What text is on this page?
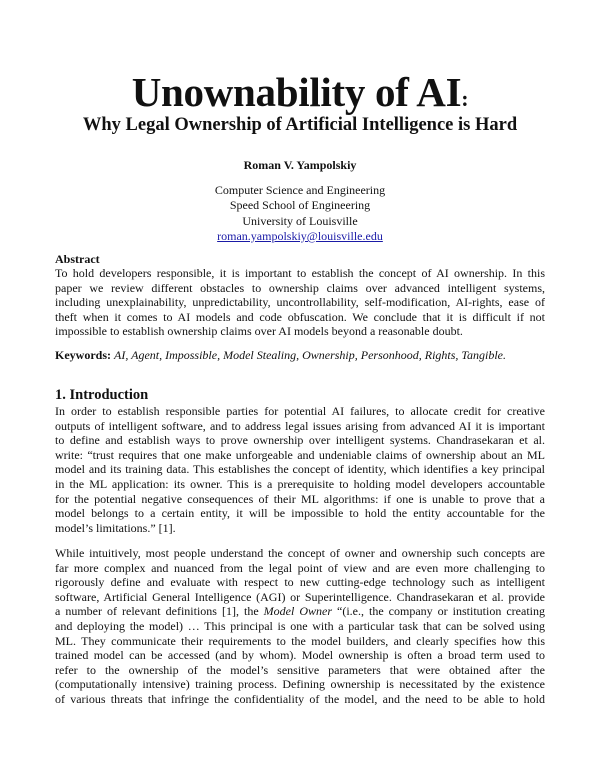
Unownability of AI:
Why Legal Ownership of Artificial Intelligence is Hard
Roman V. Yampolskiy
Computer Science and Engineering
Speed School of Engineering
University of Louisville
roman.yampolskiy@louisville.edu
Abstract
To hold developers responsible, it is important to establish the concept of AI ownership. In this
paper we review different obstacles to ownership claims over advanced intelligent systems,
including unexplainability, unpredictability, uncontrollability, self-modification, AI-rights, ease of
theft when it comes to AI models and code obfuscation. We conclude that it is difficult if not
impossible to establish ownership claims over AI models beyond a reasonable doubt.
Keywords: AI, Agent, Impossible, Model Stealing, Ownership, Personhood, Rights, Tangible.
1. Introduction
In order to establish responsible parties for potential AI failures, to allocate credit for creative
outputs of intelligent software, and to address legal issues arising from advanced AI it is important
to define and establish ways to prove ownership over intelligent systems. Chandrasekaran et al.
write: “trust requires that one make unforgeable and undeniable claims of ownership about an ML
model and its training data. This establishes the concept of identity, which identifies a key principal
in the ML application: its owner. This is a prerequisite to holding model developers accountable
for the potential negative consequences of their ML algorithms: if one is unable to prove that a
model belongs to a certain entity, it will be impossible to hold the entity accountable for the
model’s limitations.” [1].
While intuitively, most people understand the concept of owner and ownership such concepts are
far more complex and nuanced from the legal point of view and are even more challenging to
rigorously define and evaluate with respect to new cutting-edge technology such as intelligent
software, Artificial General Intelligence (AGI) or Superintelligence. Chandrasekaran et al. provide
a number of relevant definitions [1], the Model Owner “(i.e., the company or institution creating
and deploying the model) … This principal is one with a particular task that can be solved using
ML. They communicate their requirements to the model builders, and clearly specifies how this
trained model can be accessed (and by whom). Model ownership is often a broad term used to
refer to the ownership of the model’s sensitive parameters that were obtained after the
(computationally intensive) training process. Defining ownership is necessitated by the existence
of various threats that infringe the confidentiality of the model, and the need to be able to hold
